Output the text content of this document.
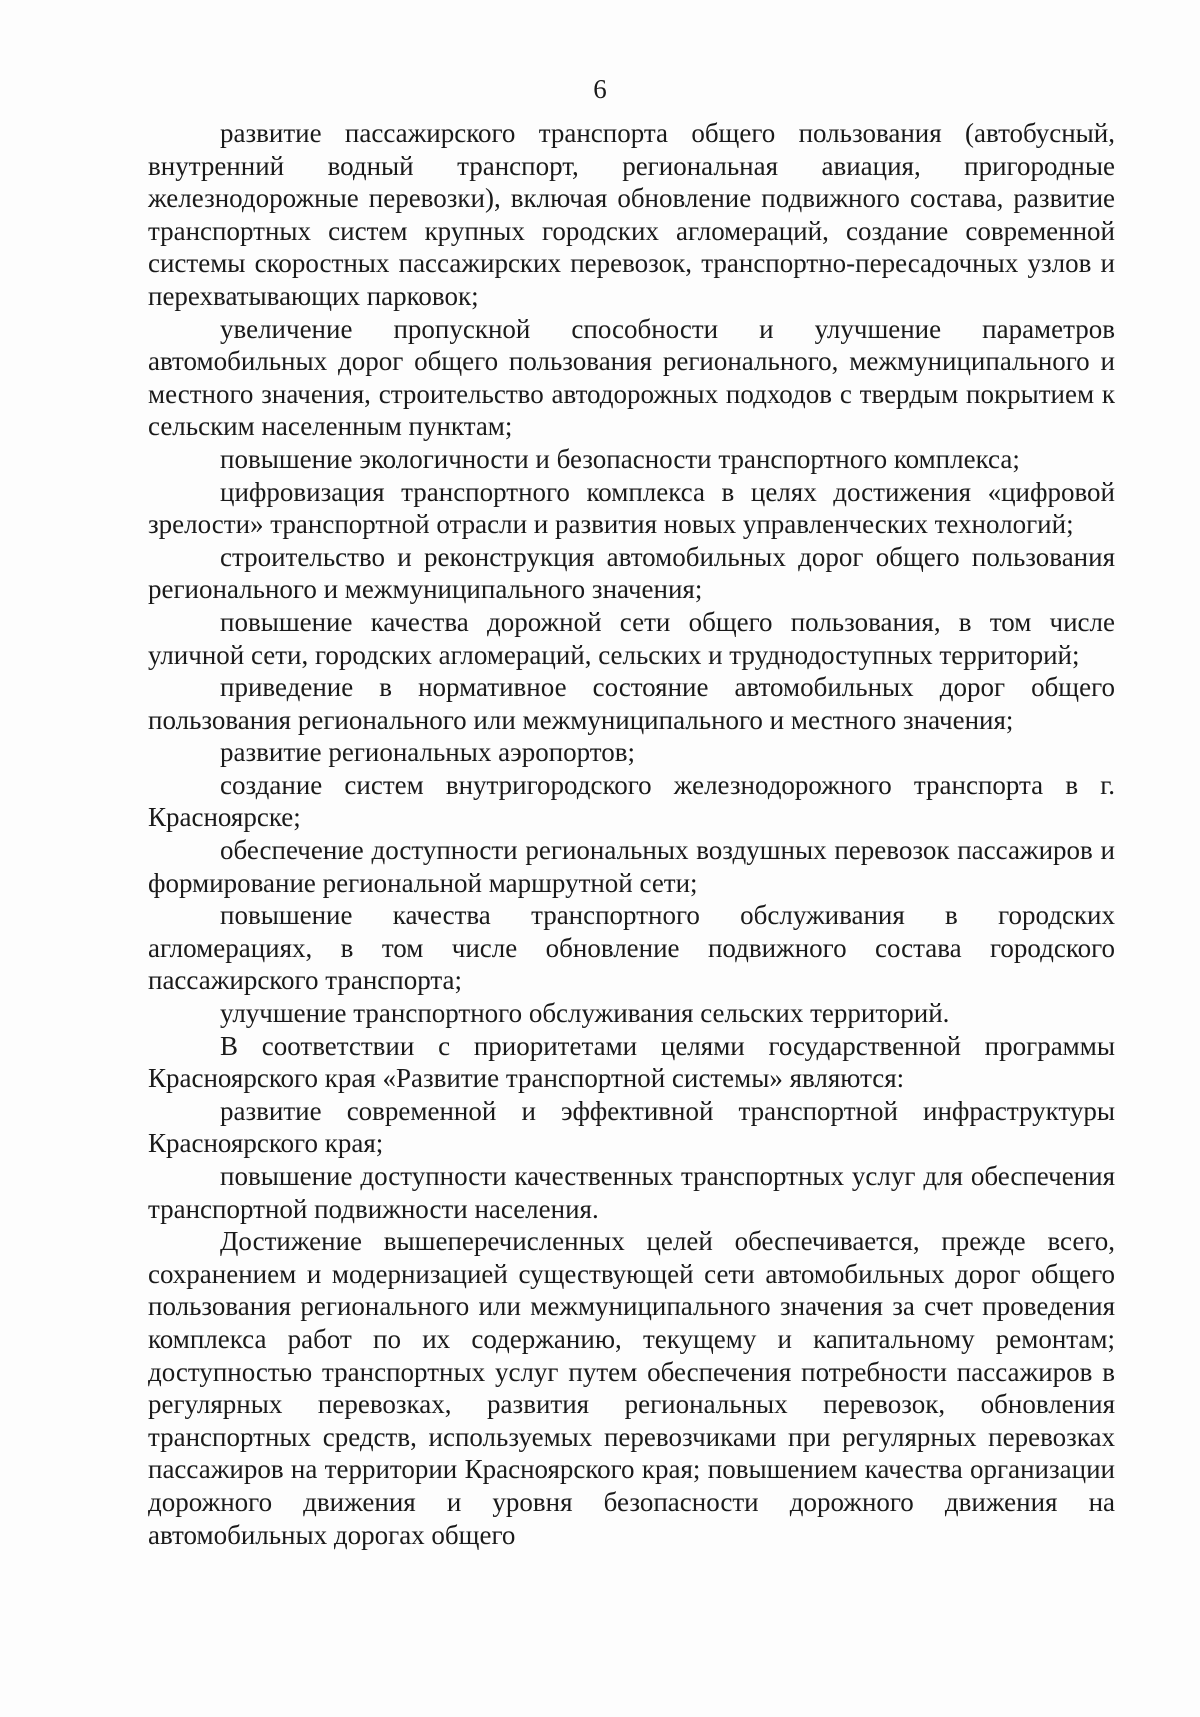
6

развитие пассажирского транспорта общего пользования (автобусный, внутренний водный транспорт, региональная авиация, пригородные железнодорожные перевозки), включая обновление подвижного состава, развитие транспортных систем крупных городских агломераций, создание современной системы скоростных пассажирских перевозок, транспортно-пересадочных узлов и перехватывающих парковок;

увеличение пропускной способности и улучшение параметров автомобильных дорог общего пользования регионального, межмуниципального и местного значения, строительство автодорожных подходов с твердым покрытием к сельским населенным пунктам;

повышение экологичности и безопасности транспортного комплекса;

цифровизация транспортного комплекса в целях достижения «цифровой зрелости» транспортной отрасли и развития новых управленческих технологий;

строительство и реконструкция автомобильных дорог общего пользования регионального и межмуниципального значения;

повышение качества дорожной сети общего пользования, в том числе уличной сети, городских агломераций, сельских и труднодоступных территорий;

приведение в нормативное состояние автомобильных дорог общего пользования регионального или межмуниципального и местного значения;

развитие региональных аэропортов;

создание систем внутригородского железнодорожного транспорта в г. Красноярске;

обеспечение доступности региональных воздушных перевозок пассажиров и формирование региональной маршрутной сети;

повышение качества транспортного обслуживания в городских агломерациях, в том числе обновление подвижного состава городского пассажирского транспорта;

улучшение транспортного обслуживания сельских территорий.

В соответствии с приоритетами целями государственной программы Красноярского края «Развитие транспортной системы» являются:

развитие современной и эффективной транспортной инфраструктуры Красноярского края;

повышение доступности качественных транспортных услуг для обеспечения транспортной подвижности населения.

Достижение вышеперечисленных целей обеспечивается, прежде всего, сохранением и модернизацией существующей сети автомобильных дорог общего пользования регионального или межмуниципального значения за счет проведения комплекса работ по их содержанию, текущему и капитальному ремонтам; доступностью транспортных услуг путем обеспечения потребности пассажиров в регулярных перевозках, развития региональных перевозок, обновления транспортных средств, используемых перевозчиками при регулярных перевозках пассажиров на территории Красноярского края; повышением качества организации дорожного движения и уровня безопасности дорожного движения на автомобильных дорогах общего
